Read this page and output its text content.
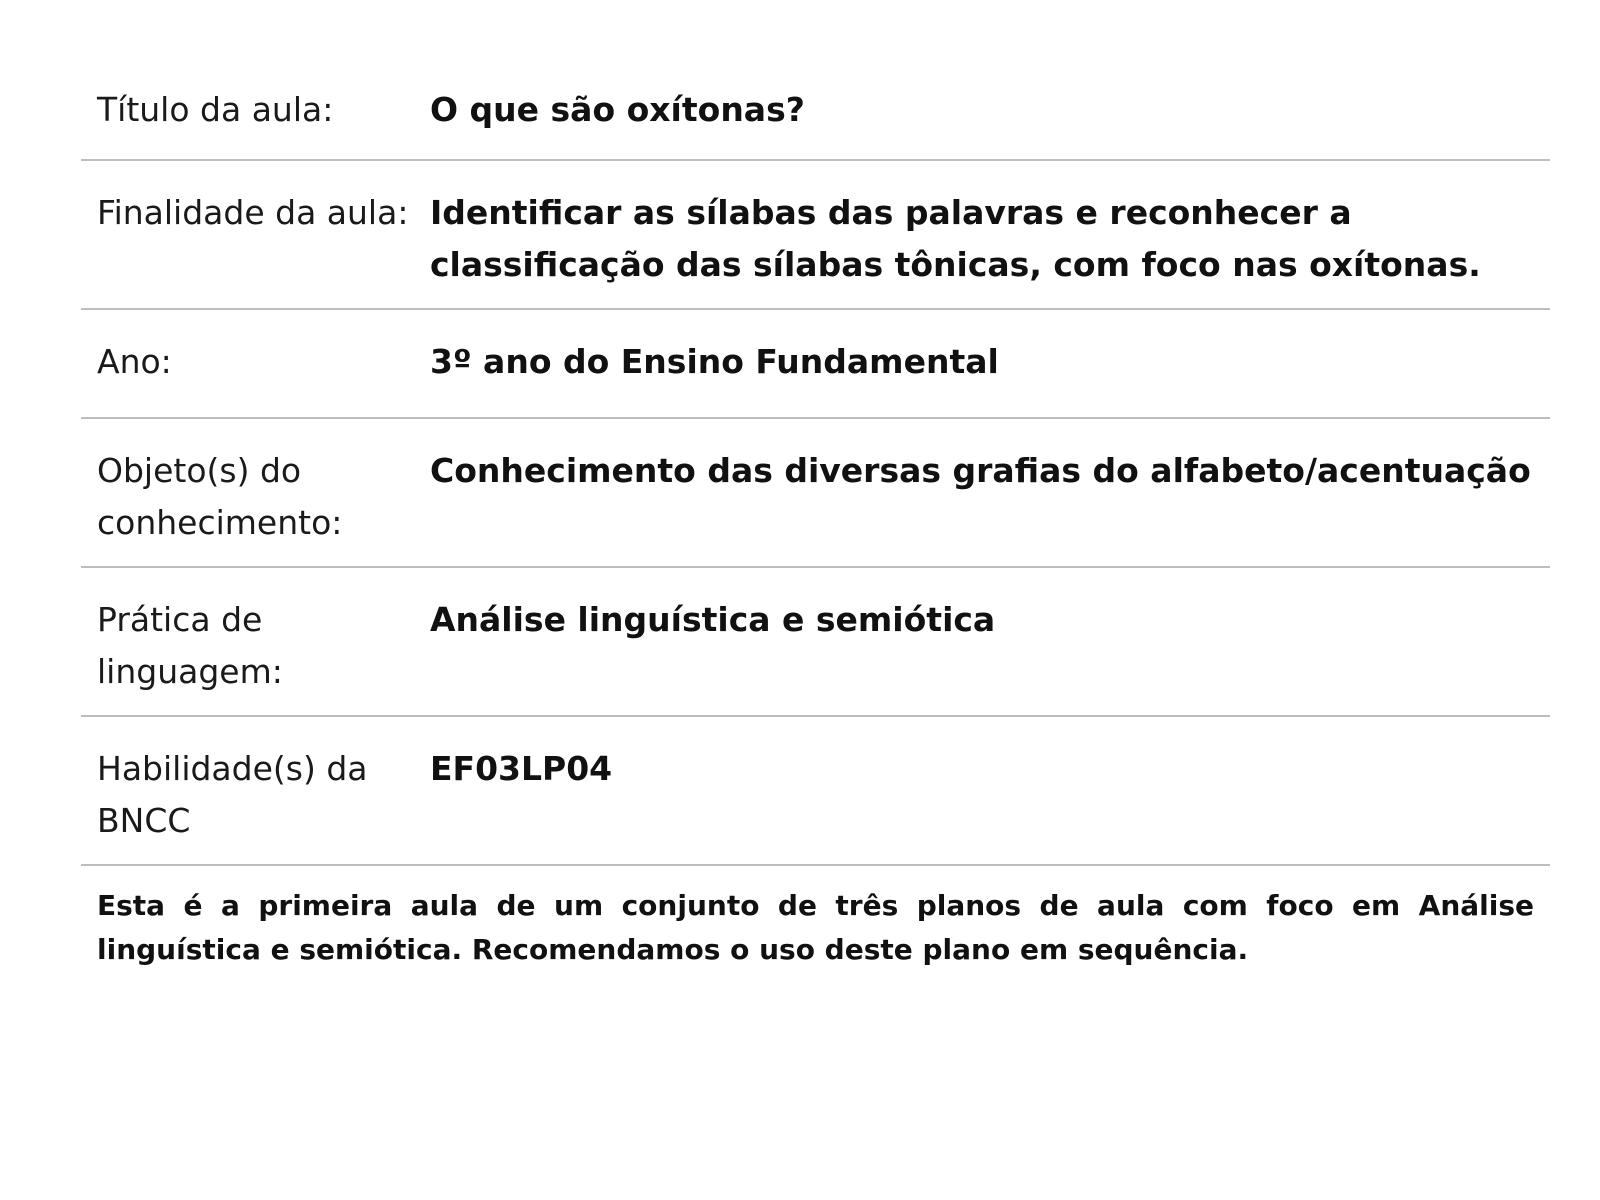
Título da aula:	O que são oxítonas?
Finalidade da aula: Identificar as sílabas das palavras e reconhecer a classificação das sílabas tônicas, com foco nas oxítonas.
Ano:	3º ano do Ensino Fundamental
Objeto(s) do conhecimento:
Conhecimento das diversas grafias do alfabeto/acentuação
Prática de linguagem:
Análise linguística e semiótica
Habilidade(s) da BNCC
EF03LP04
Esta é a primeira aula de um conjunto de três planos de aula com foco em Análise linguística e semiótica. Recomendamos o uso deste plano em sequência.
